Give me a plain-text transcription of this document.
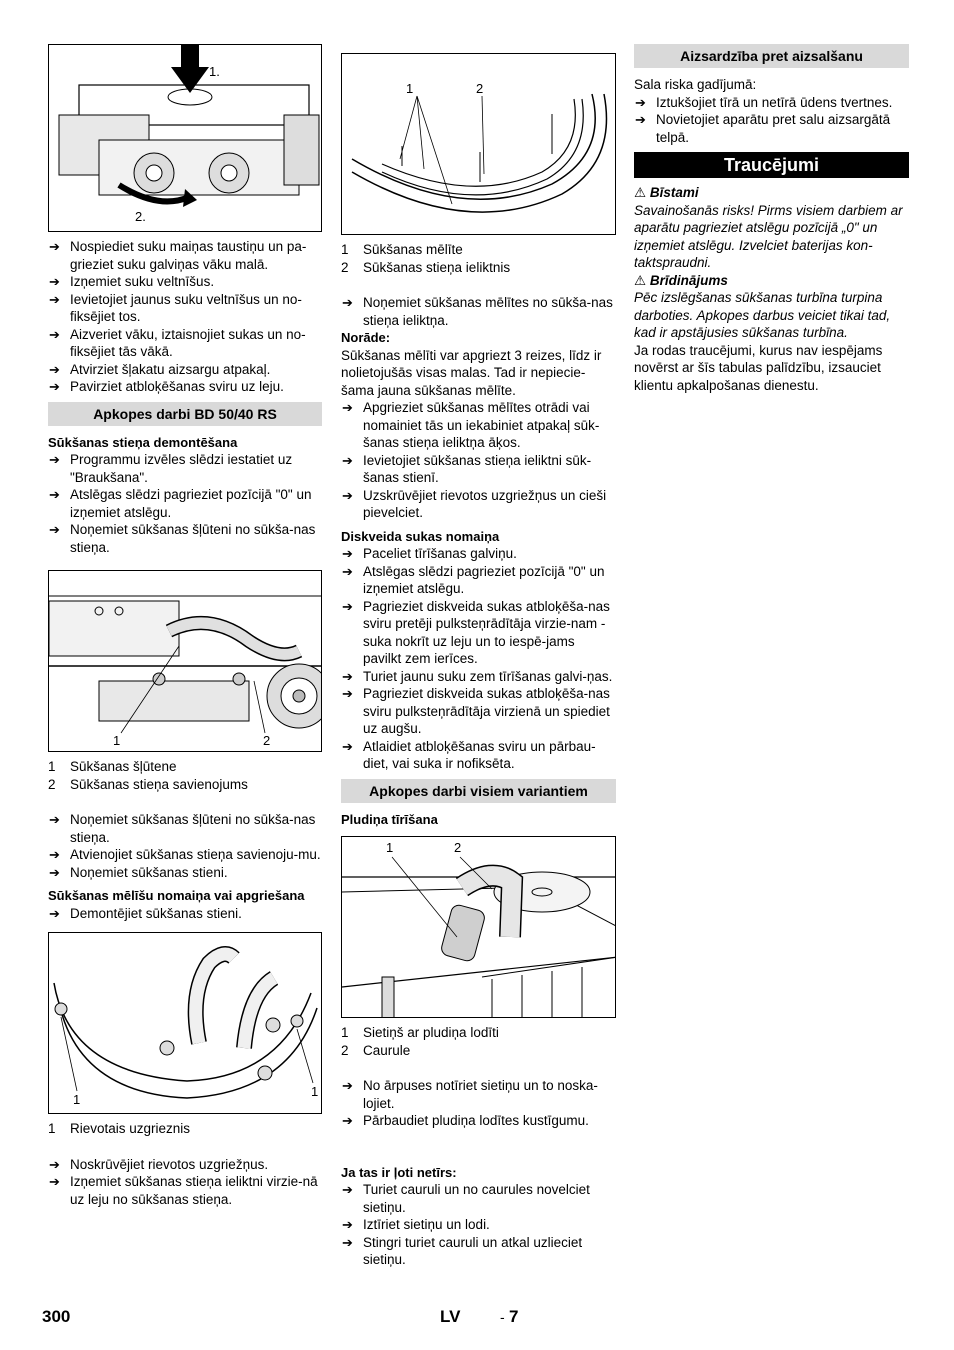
1.
2.
➔ Nospiediet suku maiņas taustiņu un pa-grieziet suku galviņas vāku malā.
➔ Izņemiet suku veltnīšus.
➔ Ievietojiet jaunus suku veltnīšus un no-fiksējiet tos.
➔ Aizveriet vāku, iztaisnojiet sukas un no-fiksējiet tās vākā.
➔ Atvirziet šļakatu aizsargu atpakaļ.
➔ Pavirziet atbloķēšanas sviru uz leju.
Apkopes darbi BD 50/40 RS
Sūkšanas stieņa demontēšana
➔ Programmu izvēles slēdzi iestatiet uz "Braukšana".
➔ Atslēgas slēdzi pagrieziet pozīcijā "0" un izņemiet atslēgu.
➔ Noņemiet sūkšanas šļūteni no sūkša-nas stieņa.
1	2
1 Sūkšanas šļūtene
2 Sūkšanas stieņa savienojums
➔ Noņemiet sūkšanas šļūteni no sūkša-nas stieņa.
➔ Atvienojiet sūkšanas stieņa savienoju-mu.
➔ Noņemiet sūkšanas stieni.
Sūkšanas mēlīšu nomaiņa vai apgriešana
➔ Demontējiet sūkšanas stieni.
1
1
1 Rievotais uzgrieznis
➔ Noskrūvējiet rievotos uzgriežņus.
➔ Izņemiet sūkšanas stieņa ieliktni virzie-nā uz leju no sūkšanas stieņa.
1	2
1 Sūkšanas mēlīte
2 Sūkšanas stieņa ieliktnis
➔ Noņemiet sūkšanas mēlītes no sūkša-nas stieņa ieliktņa.
Norāde:
Sūkšanas mēlīti var apgriezt 3 reizes, līdz ir nolietojušās visas malas. Tad ir nepiecie-šama jauna sūkšanas mēlīte.
➔ Apgrieziet sūkšanas mēlītes otrādi vai nomainiet tās un iekabiniet atpakaļ sūk-šanas stieņa ieliktņa āķos.
➔ Ievietojiet sūkšanas stieņa ieliktni sūk-šanas stienī.
➔ Uzskrūvējiet rievotos uzgriežņus un cieši pievelciet.
Diskveida sukas nomaiņa
➔ Paceliet tīrīšanas galviņu.
➔ Atslēgas slēdzi pagrieziet pozīcijā "0" un izņemiet atslēgu.
➔ Pagrieziet diskveida sukas atbloķēša-nas sviru pretēji pulksteņrādītāja virzie-nam - suka nokrīt uz leju un to iespē-jams pavilkt zem ierīces.
➔ Turiet jaunu suku zem tīrīšanas galvi-ņas.
➔ Pagrieziet diskveida sukas atbloķēša-nas sviru pulksteņrādītāja virzienā un spiediet uz augšu.
➔ Atlaidiet atbloķēšanas sviru un pārbau-diet, vai suka ir nofiksēta.
Apkopes darbi visiem variantiem
Pludiņa tīrīšana
1	2
1 Sietiņš ar pludiņa lodīti
2 Caurule
➔ No ārpuses notīriet sietiņu un to noska-lojiet.
➔ Pārbaudiet pludiņa lodītes kustīgumu.
Ja tas ir ļoti netīrs:
➔ Turiet cauruli un no caurules novelciet sietiņu.
➔ Iztīriet sietiņu un lodi.
➔ Stingri turiet cauruli un atkal uzlieciet sietiņu.
Aizsardzība pret aizsalšanu
Sala riska gadījumā:
➔ Iztukšojiet tīrā un netīrā ūdens tvertnes.
➔ Novietojiet aparātu pret salu aizsargātā telpā.
Traucējumi
⚠ Bīstami
Savainošanās risks! Pirms visiem darbiem ar aparātu pagrieziet atslēgu pozīcijā „0" un izņemiet atslēgu. Izvelciet baterijas kon-taktspraudni.
⚠ Brīdinājums
Pēc izslēgšanas sūkšanas turbīna turpina darboties. Apkopes darbus veiciet tikai tad, kad ir apstājusies sūkšanas turbīna.
Ja rodas traucējumi, kurus nav iespējams novērst ar šīs tabulas palīdzību, izsauciet klientu apkalpošanas dienestu.
300	LV	- 7
